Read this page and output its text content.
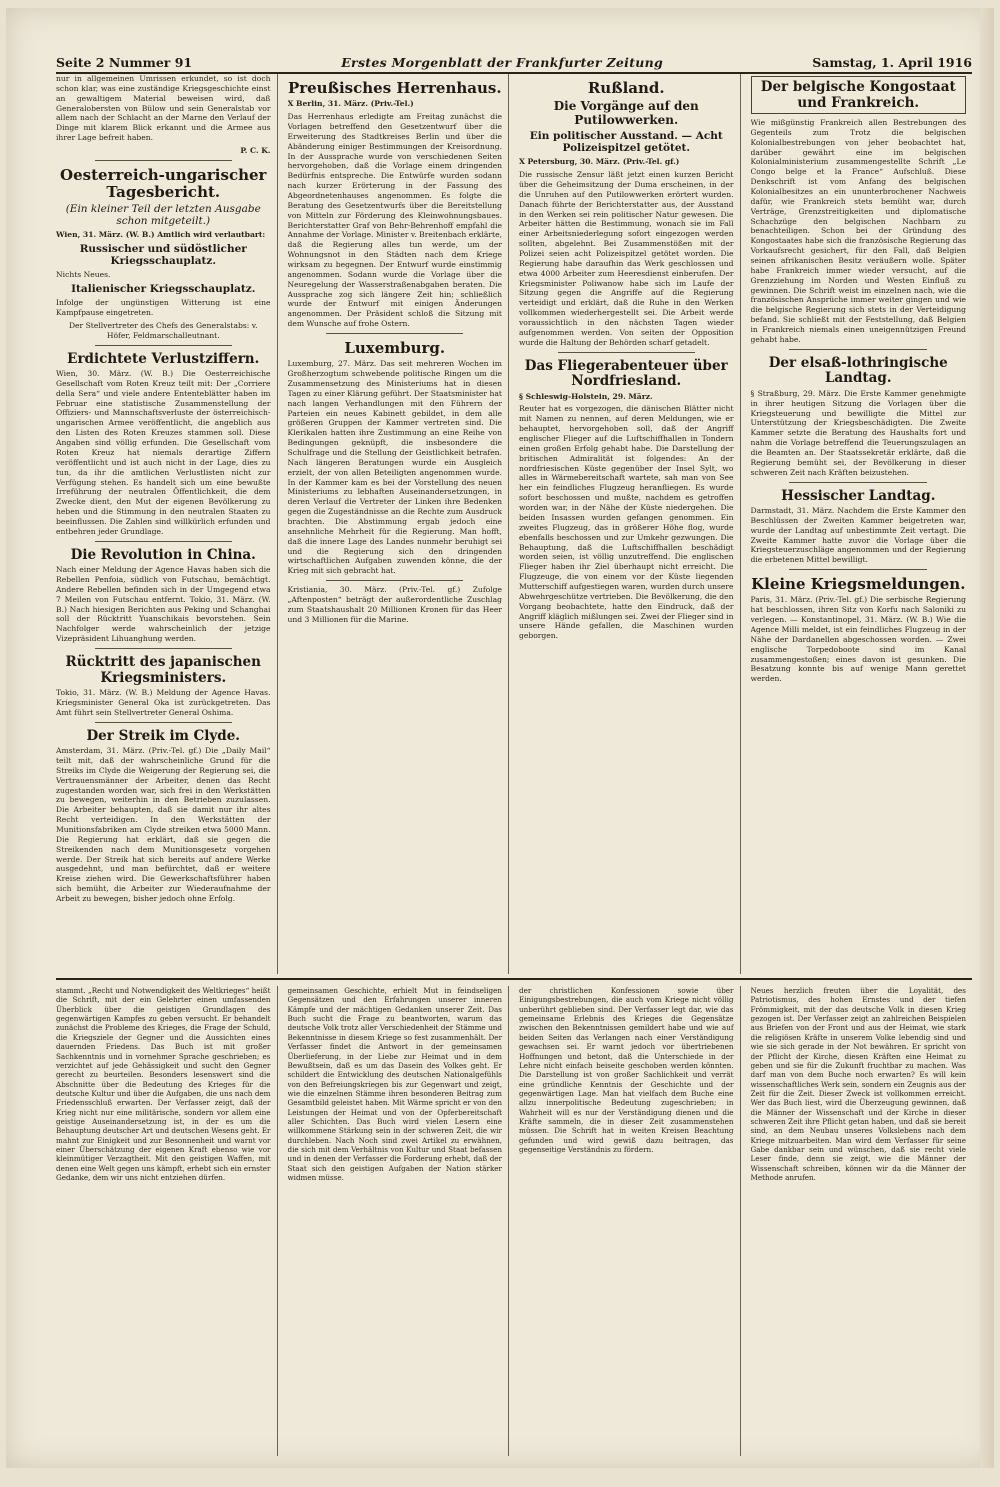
Seite 2 Nummer 91	Erstes Morgenblatt der Frankfurter Zeitung	Samstag, 1. April 1916

nur in allgemeinen Umrissen erkundet, so ist doch schon klar, was eine zuständige Kriegsgeschichte einst an gewaltigem Material beweisen wird, daß Generalobersten von Bülow und sein Generalstab vor allem nach der Schlacht an der Marne den Verlauf der Dinge mit klarem Blick erkannt und die Armee aus ihrer Lage befreit haben.

P. C. K.

Oesterreich-ungarischer Tagesbericht.
(Ein kleiner Teil der letzten Ausgabe schon mitgeteilt.)

Wien, 31. März. (W. B.) Amtlich wird verlautbart:

Russischer und südöstlicher Kriegsschauplatz.

Nichts Neues.

Italienischer Kriegsschauplatz.

Infolge der ungünstigen Witterung ist eine Kampfpause eingetreten.

Der Stellvertreter des Chefs des Generalstabs: v. Höfer, Feldmarschalleutnant.

Erdichtete Verlustziffern.

Wien, 30. März. (W. B.) Die Oesterreichische Gesellschaft vom Roten Kreuz teilt mit: Der „Corriere della Sera“ und viele andere Ententeblätter haben im Februar eine statistische Zusammenstellung der Offiziers- und Mannschaftsverluste der österreichisch-ungarischen Armee veröffentlicht, die angeblich aus den Listen des Roten Kreuzes stammen soll. Diese Angaben sind völlig erfunden. Die Gesellschaft vom Roten Kreuz hat niemals derartige Ziffern veröffentlicht und ist auch nicht in der Lage, dies zu tun, da ihr die amtlichen Verlustlisten nicht zur Verfügung stehen. Es handelt sich um eine bewußte Irreführung der neutralen Öffentlichkeit, die dem Zwecke dient, den Mut der eigenen Bevölkerung zu heben und die Stimmung in den neutralen Staaten zu beeinflussen. Die Zahlen sind willkürlich erfunden und entbehren jeder Grundlage.

Die Revolution in China.

Nach einer Meldung der Agence Havas haben sich die Rebellen Penfoia, südlich von Futschau, bemächtigt. Andere Rebellen befinden sich in der Umgegend etwa 7 Meilen von Futschau entfernt. Tokio, 31. März. (W. B.) Nach hiesigen Berichten aus Peking und Schanghai soll der Rücktritt Yuanschikais bevorstehen. Sein Nachfolger werde wahrscheinlich der jetzige Vizepräsident Lihuanghung werden.

Rücktritt des japanischen Kriegsministers.

Tokio, 31. März. (W. B.) Meldung der Agence Havas. Kriegsminister General Oka ist zurückgetreten. Das Amt führt sein Stellvertreter General Oshima.

Der Streik im Clyde.

Amsterdam, 31. März. (Priv.-Tel. gf.) Die „Daily Mail“ teilt mit, daß der wahrscheinliche Grund für die Streiks im Clyde die Weigerung der Regierung sei, die Vertrauensmänner der Arbeiter, denen das Recht zugestanden worden war, sich frei in den Werkstätten zu bewegen, weiterhin in den Betrieben zuzulassen. Die Arbeiter behaupten, daß sie damit nur ihr altes Recht verteidigen. In den Werkstätten der Munitionsfabriken am Clyde streiken etwa 5000 Mann. Die Regierung hat erklärt, daß sie gegen die Streikenden nach dem Munitionsgesetz vorgehen werde. Der Streik hat sich bereits auf andere Werke ausgedehnt, und man befürchtet, daß er weitere Kreise ziehen wird. Die Gewerkschaftsführer haben sich bemüht, die Arbeiter zur Wiederaufnahme der Arbeit zu bewegen, bisher jedoch ohne Erfolg.

Preußisches Herrenhaus.

X Berlin, 31. März. (Priv.-Tel.)

Das Herrenhaus erledigte am Freitag zunächst die Vorlagen betreffend den Gesetzentwurf über die Erweiterung des Stadtkreises Berlin und über die Abänderung einiger Bestimmungen der Kreisordnung. In der Aussprache wurde von verschiedenen Seiten hervorgehoben, daß die Vorlage einem dringenden Bedürfnis entspreche. Die Entwürfe wurden sodann nach kurzer Erörterung in der Fassung des Abgeordnetenhauses angenommen. Es folgte die Beratung des Gesetzentwurfs über die Bereitstellung von Mitteln zur Förderung des Kleinwohnungsbaues. Berichterstatter Graf von Behr-Behrenhoff empfahl die Annahme der Vorlage. Minister v. Breitenbach erklärte, daß die Regierung alles tun werde, um der Wohnungsnot in den Städten nach dem Kriege wirksam zu begegnen. Der Entwurf wurde einstimmig angenommen. Sodann wurde die Vorlage über die Neuregelung der Wasserstraßenabgaben beraten. Die Aussprache zog sich längere Zeit hin; schließlich wurde der Entwurf mit einigen Änderungen angenommen. Der Präsident schloß die Sitzung mit dem Wunsche auf frohe Ostern.

Luxemburg.

Luxemburg, 27. März. Das seit mehreren Wochen im Großherzogtum schwebende politische Ringen um die Zusammensetzung des Ministeriums hat in diesen Tagen zu einer Klärung geführt. Der Staatsminister hat nach langen Verhandlungen mit den Führern der Parteien ein neues Kabinett gebildet, in dem alle größeren Gruppen der Kammer vertreten sind. Die Klerikalen hatten ihre Zustimmung an eine Reihe von Bedingungen geknüpft, die insbesondere die Schulfrage und die Stellung der Geistlichkeit betrafen. Nach längeren Beratungen wurde ein Ausgleich erzielt, der von allen Beteiligten angenommen wurde. In der Kammer kam es bei der Vorstellung des neuen Ministeriums zu lebhaften Auseinandersetzungen, in deren Verlauf die Vertreter der Linken ihre Bedenken gegen die Zugeständnisse an die Rechte zum Ausdruck brachten. Die Abstimmung ergab jedoch eine ansehnliche Mehrheit für die Regierung. Man hofft, daß die innere Lage des Landes nunmehr beruhigt sei und die Regierung sich den dringenden wirtschaftlichen Aufgaben zuwenden könne, die der Krieg mit sich gebracht hat.

Kristiania, 30. März. (Priv.-Tel. gf.) Zufolge „Aftenposten“ beträgt der außerordentliche Zuschlag zum Staatshaushalt 20 Millionen Kronen für das Heer und 3 Millionen für die Marine.

Rußland.
Die Vorgänge auf den Putilowwerken.
Ein politischer Ausstand. — Acht Polizeispitzel getötet.

X Petersburg, 30. März. (Priv.-Tel. gf.)

Die russische Zensur läßt jetzt einen kurzen Bericht über die Geheimsitzung der Duma erscheinen, in der die Unruhen auf den Putilowwerken erörtert wurden. Danach führte der Berichterstatter aus, der Ausstand in den Werken sei rein politischer Natur gewesen. Die Arbeiter hätten die Bestimmung, wonach sie im Fall einer Arbeitsniederlegung sofort eingezogen werden sollten, abgelehnt. Bei Zusammenstößen mit der Polizei seien acht Polizeispitzel getötet worden. Die Regierung habe daraufhin das Werk geschlossen und etwa 4000 Arbeiter zum Heeresdienst einberufen. Der Kriegsminister Poliwanow habe sich im Laufe der Sitzung gegen die Angriffe auf die Regierung verteidigt und erklärt, daß die Ruhe in den Werken vollkommen wiederhergestellt sei. Die Arbeit werde voraussichtlich in den nächsten Tagen wieder aufgenommen werden. Von seiten der Opposition wurde die Haltung der Behörden scharf getadelt.

Das Fliegerabenteuer über Nordfriesland.

§ Schleswig-Holstein, 29. März.

Reuter hat es vorgezogen, die dänischen Blätter nicht mit Namen zu nennen, auf deren Meldungen, wie er behauptet, hervorgehoben soll, daß der Angriff englischer Flieger auf die Luftschiffhallen in Tondern einen großen Erfolg gehabt habe. Die Darstellung der britischen Admiralität ist folgendes: An der nordfriesischen Küste gegenüber der Insel Sylt, wo alles in Wärmebereitschaft wartete, sah man von See her ein feindliches Flugzeug heranfliegen. Es wurde sofort beschossen und mußte, nachdem es getroffen worden war, in der Nähe der Küste niedergehen. Die beiden Insassen wurden gefangen genommen. Ein zweites Flugzeug, das in größerer Höhe flog, wurde ebenfalls beschossen und zur Umkehr gezwungen. Die Behauptung, daß die Luftschiffhallen beschädigt worden seien, ist völlig unzutreffend. Die englischen Flieger haben ihr Ziel überhaupt nicht erreicht. Die Flugzeuge, die von einem vor der Küste liegenden Mutterschiff aufgestiegen waren, wurden durch unsere Abwehrgeschütze vertrieben. Die Bevölkerung, die den Vorgang beobachtete, hatte den Eindruck, daß der Angriff kläglich mißlungen sei. Zwei der Flieger sind in unsere Hände gefallen, die Maschinen wurden geborgen.

Der belgische Kongostaat und Frankreich.

Wie mißgünstig Frankreich allen Bestrebungen des Gegenteils zum Trotz die belgischen Kolonialbestrebungen von jeher beobachtet hat, darüber gewährt eine im belgischen Kolonialministerium zusammengestellte Schrift „Le Congo belge et la France“ Aufschluß. Diese Denkschrift ist vom Anfang des belgischen Kolonialbesitzes an ein ununterbrochener Nachweis dafür, wie Frankreich stets bemüht war, durch Verträge, Grenzstreitigkeiten und diplomatische Schachzüge den belgischen Nachbarn zu benachteiligen. Schon bei der Gründung des Kongostaates habe sich die französische Regierung das Vorkaufsrecht gesichert, für den Fall, daß Belgien seinen afrikanischen Besitz veräußern wolle. Später habe Frankreich immer wieder versucht, auf die Grenzziehung im Norden und Westen Einfluß zu gewinnen. Die Schrift weist im einzelnen nach, wie die französischen Ansprüche immer weiter gingen und wie die belgische Regierung sich stets in der Verteidigung befand. Sie schließt mit der Feststellung, daß Belgien in Frankreich niemals einen uneigennützigen Freund gehabt habe.

Der elsaß-lothringische Landtag.

§ Straßburg, 29. März. Die Erste Kammer genehmigte in ihrer heutigen Sitzung die Vorlagen über die Kriegsteuerung und bewilligte die Mittel zur Unterstützung der Kriegsbeschädigten. Die Zweite Kammer setzte die Beratung des Haushalts fort und nahm die Vorlage betreffend die Teuerungszulagen an die Beamten an. Der Staatssekretär erklärte, daß die Regierung bemüht sei, der Bevölkerung in dieser schweren Zeit nach Kräften beizustehen.

Hessischer Landtag.

Darmstadt, 31. März. Nachdem die Erste Kammer den Beschlüssen der Zweiten Kammer beigetreten war, wurde der Landtag auf unbestimmte Zeit vertagt. Die Zweite Kammer hatte zuvor die Vorlage über die Kriegsteuerzuschläge angenommen und der Regierung die erbetenen Mittel bewilligt.

Kleine Kriegsmeldungen.

Paris, 31. März. (Priv.-Tel. gf.) Die serbische Regierung hat beschlossen, ihren Sitz von Korfu nach Saloniki zu verlegen. — Konstantinopel, 31. März. (W. B.) Wie die Agence Milli meldet, ist ein feindliches Flugzeug in der Nähe der Dardanellen abgeschossen worden. — Zwei englische Torpedoboote sind im Kanal zusammengestoßen; eines davon ist gesunken. Die Besatzung konnte bis auf wenige Mann gerettet werden.

stammt. „Recht und Notwendigkeit des Weltkrieges“ heißt die Schrift, mit der ein Gelehrter einen umfassenden Überblick über die geistigen Grundlagen des gegenwärtigen Kampfes zu geben versucht. Er behandelt zunächst die Probleme des Krieges, die Frage der Schuld, die Kriegsziele der Gegner und die Aussichten eines dauernden Friedens. Das Buch ist mit großer Sachkenntnis und in vornehmer Sprache geschrieben; es verzichtet auf jede Gehässigkeit und sucht den Gegner gerecht zu beurteilen. Besonders lesenswert sind die Abschnitte über die Bedeutung des Krieges für die deutsche Kultur und über die Aufgaben, die uns nach dem Friedensschluß erwarten. Der Verfasser zeigt, daß der Krieg nicht nur eine militärische, sondern vor allem eine geistige Auseinandersetzung ist, in der es um die Behauptung deutscher Art und deutschen Wesens geht. Er mahnt zur Einigkeit und zur Besonnenheit und warnt vor einer Überschätzung der eigenen Kraft ebenso wie vor kleinmütiger Verzagtheit. Mit den geistigen Waffen, mit denen eine Welt gegen uns kämpft, erhebt sich ein ernster Gedanke, dem wir uns nicht entziehen dürfen.

gemeinsamen Geschichte, erhielt Mut in feindseligen Gegensätzen und den Erfahrungen unserer inneren Kämpfe und der mächtigen Gedanken unserer Zeit. Das Buch sucht die Frage zu beantworten, warum das deutsche Volk trotz aller Verschiedenheit der Stämme und Bekenntnisse in diesem Kriege so fest zusammenhält. Der Verfasser findet die Antwort in der gemeinsamen Überlieferung, in der Liebe zur Heimat und in dem Bewußtsein, daß es um das Dasein des Volkes geht. Er schildert die Entwicklung des deutschen Nationalgefühls von den Befreiungskriegen bis zur Gegenwart und zeigt, wie die einzelnen Stämme ihren besonderen Beitrag zum Gesamtbild geleistet haben. Mit Wärme spricht er von den Leistungen der Heimat und von der Opferbereitschaft aller Schichten. Das Buch wird vielen Lesern eine willkommene Stärkung sein in der schweren Zeit, die wir durchleben. Nach Noch sind zwei Artikel zu erwähnen, die sich mit dem Verhältnis von Kultur und Staat befassen und in denen der Verfasser die Forderung erhebt, daß der Staat sich den geistigen Aufgaben der Nation stärker widmen müsse.

der christlichen Konfessionen sowie über Einigungsbestrebungen, die auch vom Kriege nicht völlig unberührt geblieben sind. Der Verfasser legt dar, wie das gemeinsame Erlebnis des Krieges die Gegensätze zwischen den Bekenntnissen gemildert habe und wie auf beiden Seiten das Verlangen nach einer Verständigung gewachsen sei. Er warnt jedoch vor übertriebenen Hoffnungen und betont, daß die Unterschiede in der Lehre nicht einfach beiseite geschoben werden könnten. Die Darstellung ist von großer Sachlichkeit und verrät eine gründliche Kenntnis der Geschichte und der gegenwärtigen Lage. Man hat vielfach dem Buche eine allzu innerpolitische Bedeutung zugeschrieben; in Wahrheit will es nur der Verständigung dienen und die Kräfte sammeln, die in dieser Zeit zusammenstehen müssen. Die Schrift hat in weiten Kreisen Beachtung gefunden und wird gewiß dazu beitragen, das gegenseitige Verständnis zu fördern.

Neues herzlich freuten über die Loyalität, des Patriotismus, des hohen Ernstes und der tiefen Frömmigkeit, mit der das deutsche Volk in diesen Krieg gezogen ist. Der Verfasser zeigt an zahlreichen Beispielen aus Briefen von der Front und aus der Heimat, wie stark die religiösen Kräfte in unserem Volke lebendig sind und wie sie sich gerade in der Not bewähren. Er spricht von der Pflicht der Kirche, diesen Kräften eine Heimat zu geben und sie für die Zukunft fruchtbar zu machen. Was darf man von dem Buche noch erwarten? Es will kein wissenschaftliches Werk sein, sondern ein Zeugnis aus der Zeit für die Zeit. Dieser Zweck ist vollkommen erreicht. Wer das Buch liest, wird die Überzeugung gewinnen, daß die Männer der Wissenschaft und der Kirche in dieser schweren Zeit ihre Pflicht getan haben, und daß sie bereit sind, an dem Neubau unseres Volkslebens nach dem Kriege mitzuarbeiten. Man wird dem Verfasser für seine Gabe dankbar sein und wünschen, daß sie recht viele Leser finde, denn sie zeigt, wie die Männer der Wissenschaft schreiben, können wir da die Männer der Methode anrufen.
